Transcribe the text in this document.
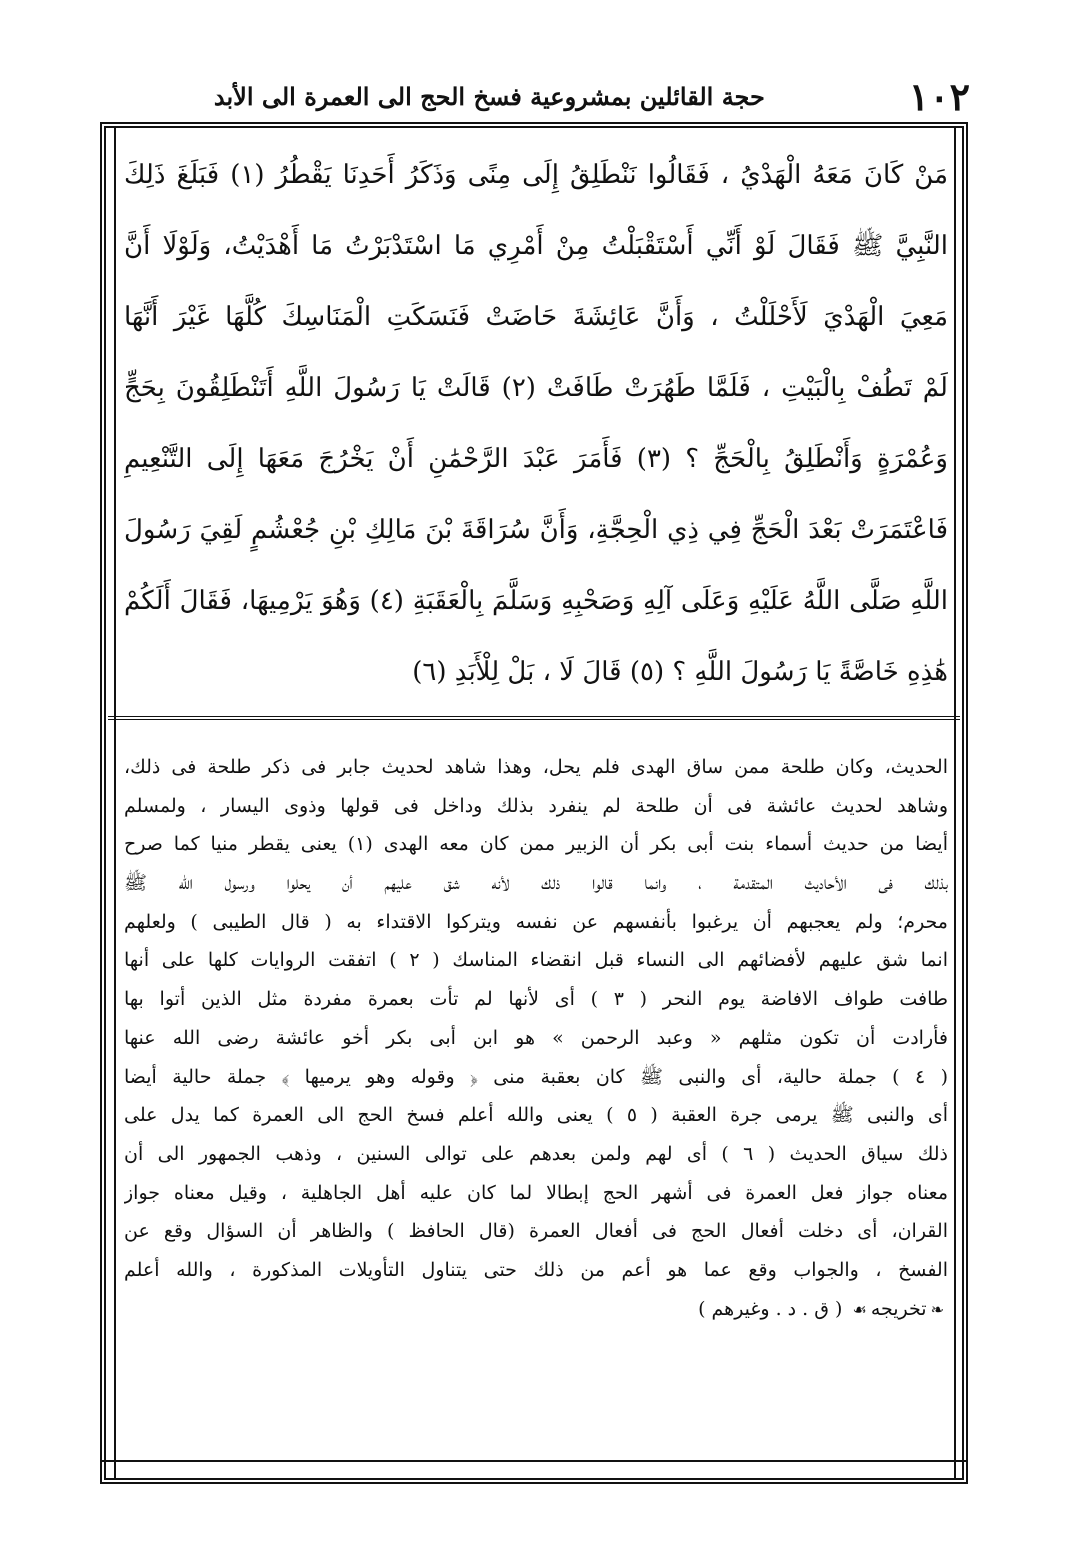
١٠٢
حجة القائلين بمشروعية فسخ الحج الى العمرة الى الأبد
مَنْ كَانَ مَعَهُ الْهَدْيُ ، فَقَالُوا نَنْطَلِقُ إِلَى مِنًى وَذَكَرُ أَحَدِنَا يَقْطُرُ (١) فَبَلَغَ ذَلِكَ
النَّبِيَّ ﷺ فَقَالَ لَوْ أَنِّي أَسْتَقْبَلْتُ مِنْ أَمْرِي مَا اسْتَدْبَرْتُ مَا أَهْدَيْتُ، وَلَوْلَا أَنَّ
مَعِيَ الْهَدْيَ لَأَحْلَلْتُ ، وَأَنَّ عَائِشَةَ حَاضَتْ فَنَسَكَتِ الْمَنَاسِكَ كُلَّهَا غَيْرَ أَنَّهَا
لَمْ تَطُفْ بِالْبَيْتِ ، فَلَمَّا طَهُرَتْ طَافَتْ (٢) قَالَتْ يَا رَسُولَ اللَّهِ أَتَنْطَلِقُونَ بِحَجٍّ
وَعُمْرَةٍ وَأَنْطَلِقُ بِالْحَجِّ ؟ (٣) فَأَمَرَ عَبْدَ الرَّحْمَٰنِ أَنْ يَخْرُجَ مَعَهَا إِلَى التَّنْعِيمِ
فَاعْتَمَرَتْ بَعْدَ الْحَجِّ فِي ذِي الْحِجَّةِ، وَأَنَّ سُرَاقَةَ بْنَ مَالِكِ بْنِ جُعْشُمٍ لَقِيَ رَسُولَ
اللَّهِ صَلَّى اللَّهُ عَلَيْهِ وَعَلَى آلِهِ وَصَحْبِهِ وَسَلَّمَ بِالْعَقَبَةِ (٤) وَهُوَ يَرْمِيهَا، فَقَالَ أَلَكُمْ
هَٰذِهِ خَاصَّةً يَا رَسُولَ اللَّهِ ؟ (٥) قَالَ لَا ، بَلْ لِلْأَبَدِ (٦)
الحديث، وكان طلحة ممن ساق الهدى فلم يحل، وهذا شاهد لحديث جابر فى ذكر طلحة فى ذلك،
وشاهد لحديث عائشة فى أن طلحة لم ينفرد بذلك وداخل فى قولها وذوى اليسار ، ولمسلم
أيضا من حديث أسماء بنت أبى بكر أن الزبير ممن كان معه الهدى (١) يعنى يقطر منيا كما صرح
بذلك فى الأحاديث المتقدمة ، وانما قالوا ذلك لأنه شق عليهم أن يحلوا ورسول الله ﷺ
محرم؛ ولم يعجبهم أن يرغبوا بأنفسهم عن نفسه ويتركوا الاقتداء به ( قال الطيبى ) ولعلهم
انما شق عليهم لأفضائهم الى النساء قبل انقضاء المناسك ( ٢ ) اتفقت الروايات كلها على أنها
طافت طواف الافاضة يوم النحر ( ٣ ) أى لأنها لم تأت بعمرة مفردة مثل الذين أتوا بها
فأرادت أن تكون مثلهم « وعبد الرحمن » هو ابن أبى بكر أخو عائشة رضى الله عنها
( ٤ ) جملة حالية، أى والنبى ﷺ كان بعقبة منى ﴿ وقوله وهو يرميها ﴾ جملة حالية أيضا
أى والنبى ﷺ يرمى جرة العقبة ( ٥ ) يعنى والله أعلم فسخ الحج الى العمرة كما يدل على
ذلك سياق الحديث ( ٦ ) أى لهم ولمن بعدهم على توالى السنين ، وذهب الجمهور الى أن
معناه جواز فعل العمرة فى أشهر الحج إبطالا لما كان عليه أهل الجاهلية ، وقيل معناه جواز
القران، أى دخلت أفعال الحج فى أفعال العمرة (قال الحافظ ) والظاهر أن السؤال وقع عن
الفسخ ، والجواب وقع عما هو أعم من ذلك حتى يتناول التأويلات المذكورة ، والله أعلم
❧تخريجه☙ ( ق . د . وغيرهم )
